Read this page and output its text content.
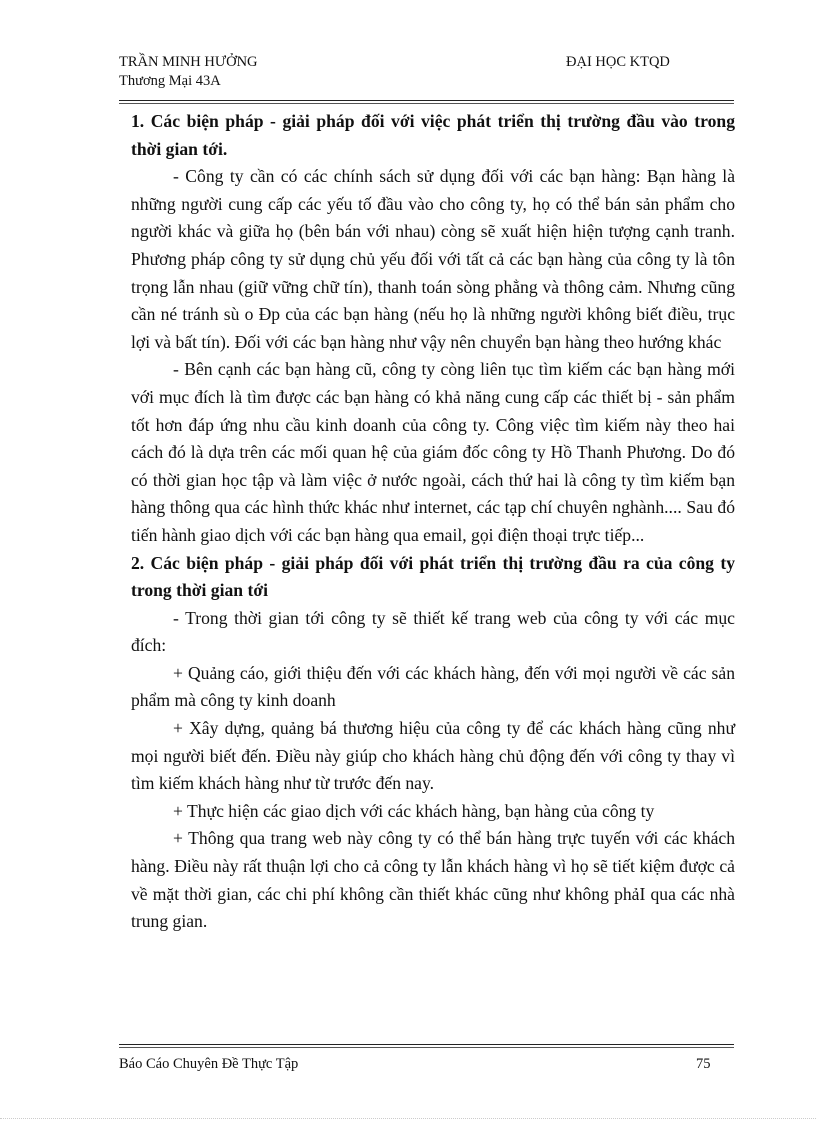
TRẦN MINH HƯỞNG
Thương Mại 43A
ĐẠI HỌC KTQD

1. Các biện pháp - giải pháp đối với việc phát triển thị trường đầu vào trong thời gian tới.

- Công ty cần có các chính sách sử dụng đối với các bạn hàng: Bạn hàng là những người cung cấp các yếu tố đầu vào cho công ty, họ có thể bán sản phẩm cho người khác và giữa họ (bên bán với nhau) còng sẽ xuất hiện hiện tượng cạnh tranh. Phương pháp công ty sử dụng chủ yếu đối với tất cả các bạn hàng của công ty là tôn trọng lẫn nhau (giữ vững chữ tín), thanh toán sòng phẳng và thông cảm. Nhưng cũng cần né tránh sù o Đp của các bạn hàng (nếu họ là những người không biết điều, trục lợi và bất tín). Đối với các bạn hàng như vậy nên chuyển bạn hàng theo hướng khác

- Bên cạnh các bạn hàng cũ, công ty còng liên tục tìm kiếm các bạn hàng mới với mục đích là tìm được các bạn hàng có khả năng cung cấp các thiết bị - sản phẩm tốt hơn đáp ứng nhu cầu kinh doanh của công ty. Công việc tìm kiếm này theo hai cách đó là dựa trên các mối quan hệ của giám đốc công ty Hồ Thanh Phương. Do đó có thời gian học tập và làm việc ở nước ngoài, cách thứ hai là công ty tìm kiếm bạn hàng thông qua các hình thức khác như internet, các tạp chí chuyên nghành.... Sau đó tiến hành giao dịch với các bạn hàng qua email, gọi điện thoại trực tiếp...

2. Các biện pháp - giải pháp đối với phát triển thị trường đầu ra của công ty trong thời gian tới

- Trong thời gian tới công ty sẽ thiết kế trang web của công ty với các mục đích:

+ Quảng cáo, giới thiệu đến với các khách hàng, đến với mọi người về các sản phẩm mà công ty kinh doanh

+ Xây dựng, quảng bá thương hiệu của công ty để các khách hàng cũng như mọi người biết đến. Điều này giúp cho khách hàng chủ động đến với công ty thay vì tìm kiếm khách hàng như từ trước đến nay.

+ Thực hiện các giao dịch với các khách hàng, bạn hàng của công ty

+ Thông qua trang web này công ty có thể bán hàng trực tuyến với các khách hàng. Điều này rất thuận lợi cho cả công ty lẫn khách hàng vì họ sẽ tiết kiệm được cả về mặt thời gian, các chi phí không cần thiết khác cũng như không phảI qua các nhà trung gian.

Báo Cáo Chuyên Đề Thực Tập	75
